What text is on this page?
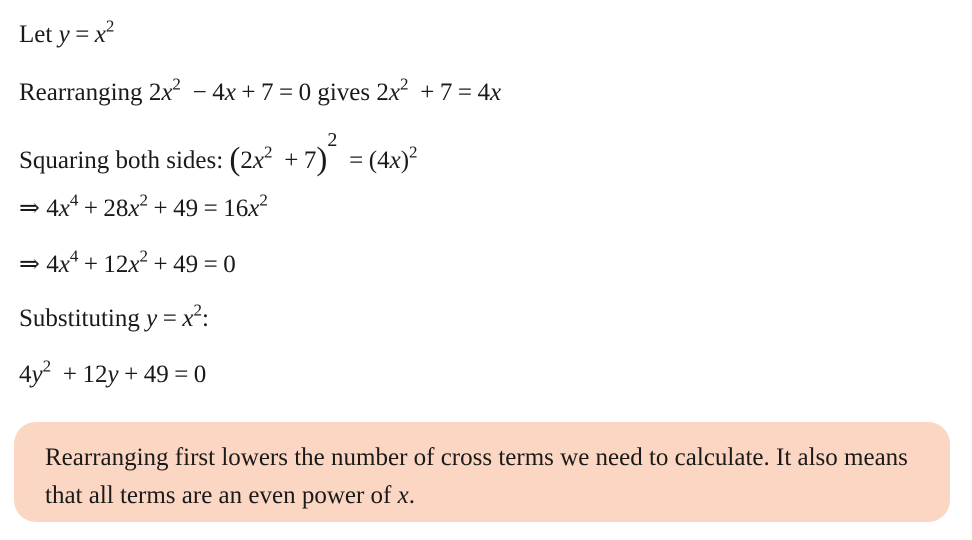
Let $y = x^2$
Rearranging $2x^2 - 4x + 7 = 0$ gives $2x^2 + 7 = 4x$
Squaring both sides: $(2x^2 + 7)^2 = (4x)^2$
⇒ $4x^4 + 28x^2 + 49 = 16x^2$
⇒ $4x^4 + 12x^2 + 49 = 0$
Substituting $y = x^2$:
$4y^2 + 12y + 49 = 0$
Rearranging first lowers the number of cross terms we need to calculate. It also means that all terms are an even power of x.
